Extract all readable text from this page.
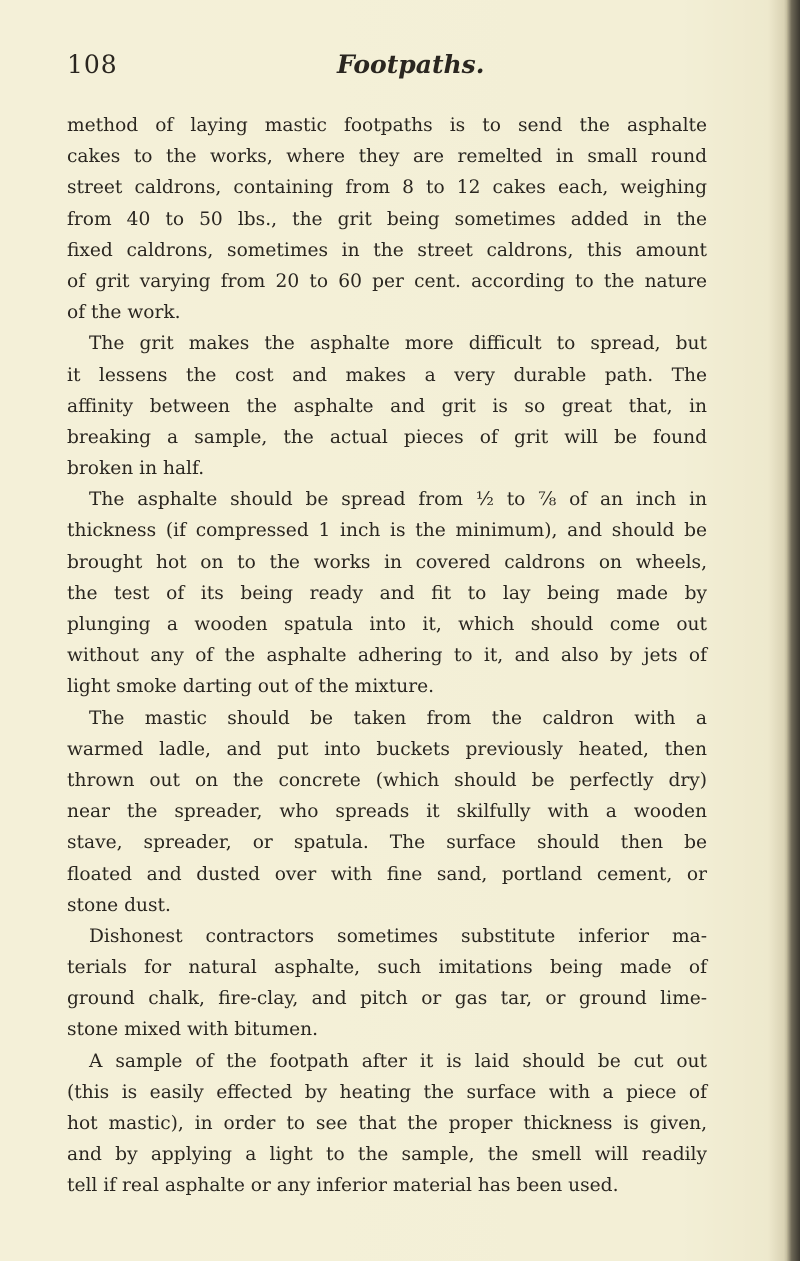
108	Footpaths.
method of laying mastic footpaths is to send the asphalte
cakes to the works, where they are remelted in small round
street caldrons, containing from 8 to 12 cakes each, weighing
from 40 to 50 lbs., the grit being sometimes added in the
fixed caldrons, sometimes in the street caldrons, this amount
of grit varying from 20 to 60 per cent. according to the nature
of the work.
The grit makes the asphalte more difficult to spread, but
it lessens the cost and makes a very durable path. The
affinity between the asphalte and grit is so great that, in
breaking a sample, the actual pieces of grit will be found
broken in half.
The asphalte should be spread from ½ to ⅞ of an inch in
thickness (if compressed 1 inch is the minimum), and should be
brought hot on to the works in covered caldrons on wheels,
the test of its being ready and fit to lay being made by
plunging a wooden spatula into it, which should come out
without any of the asphalte adhering to it, and also by jets of
light smoke darting out of the mixture.
The mastic should be taken from the caldron with a
warmed ladle, and put into buckets previously heated, then
thrown out on the concrete (which should be perfectly dry)
near the spreader, who spreads it skilfully with a wooden
stave, spreader, or spatula. The surface should then be
floated and dusted over with fine sand, portland cement, or
stone dust.
Dishonest contractors sometimes substitute inferior ma-
terials for natural asphalte, such imitations being made of
ground chalk, fire-clay, and pitch or gas tar, or ground lime-
stone mixed with bitumen.
A sample of the footpath after it is laid should be cut out
(this is easily effected by heating the surface with a piece of
hot mastic), in order to see that the proper thickness is given,
and by applying a light to the sample, the smell will readily
tell if real asphalte or any inferior material has been used.
